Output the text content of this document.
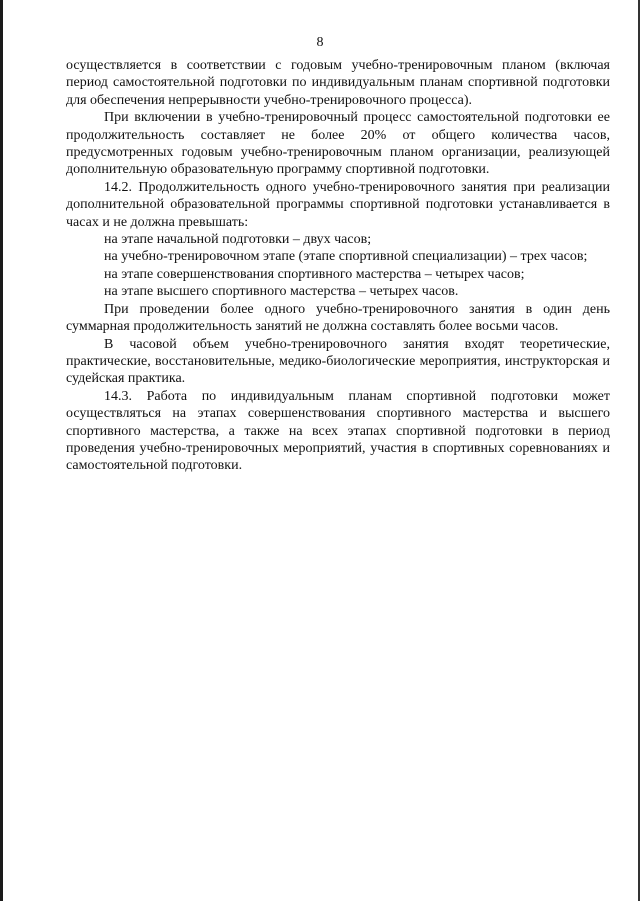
8

осуществляется в соответствии с годовым учебно-тренировочным планом (включая период самостоятельной подготовки по индивидуальным планам спортивной подготовки для обеспечения непрерывности учебно-тренировочного процесса).

При включении в учебно-тренировочный процесс самостоятельной подготовки ее продолжительность составляет не более 20% от общего количества часов, предусмотренных годовым учебно-тренировочным планом организации, реализующей дополнительную образовательную программу спортивной подготовки.

14.2. Продолжительность одного учебно-тренировочного занятия при реализации дополнительной образовательной программы спортивной подготовки устанавливается в часах и не должна превышать:

на этапе начальной подготовки – двух часов;

на учебно-тренировочном этапе (этапе спортивной специализации) – трех часов;

на этапе совершенствования спортивного мастерства – четырех часов;

на этапе высшего спортивного мастерства – четырех часов.

При проведении более одного учебно-тренировочного занятия в один день суммарная продолжительность занятий не должна составлять более восьми часов.

В часовой объем учебно-тренировочного занятия входят теоретические, практические, восстановительные, медико-биологические мероприятия, инструкторская и судейская практика.

14.3. Работа по индивидуальным планам спортивной подготовки может осуществляться на этапах совершенствования спортивного мастерства и высшего спортивного мастерства, а также на всех этапах спортивной подготовки в период проведения учебно-тренировочных мероприятий, участия в спортивных соревнованиях и самостоятельной подготовки.
